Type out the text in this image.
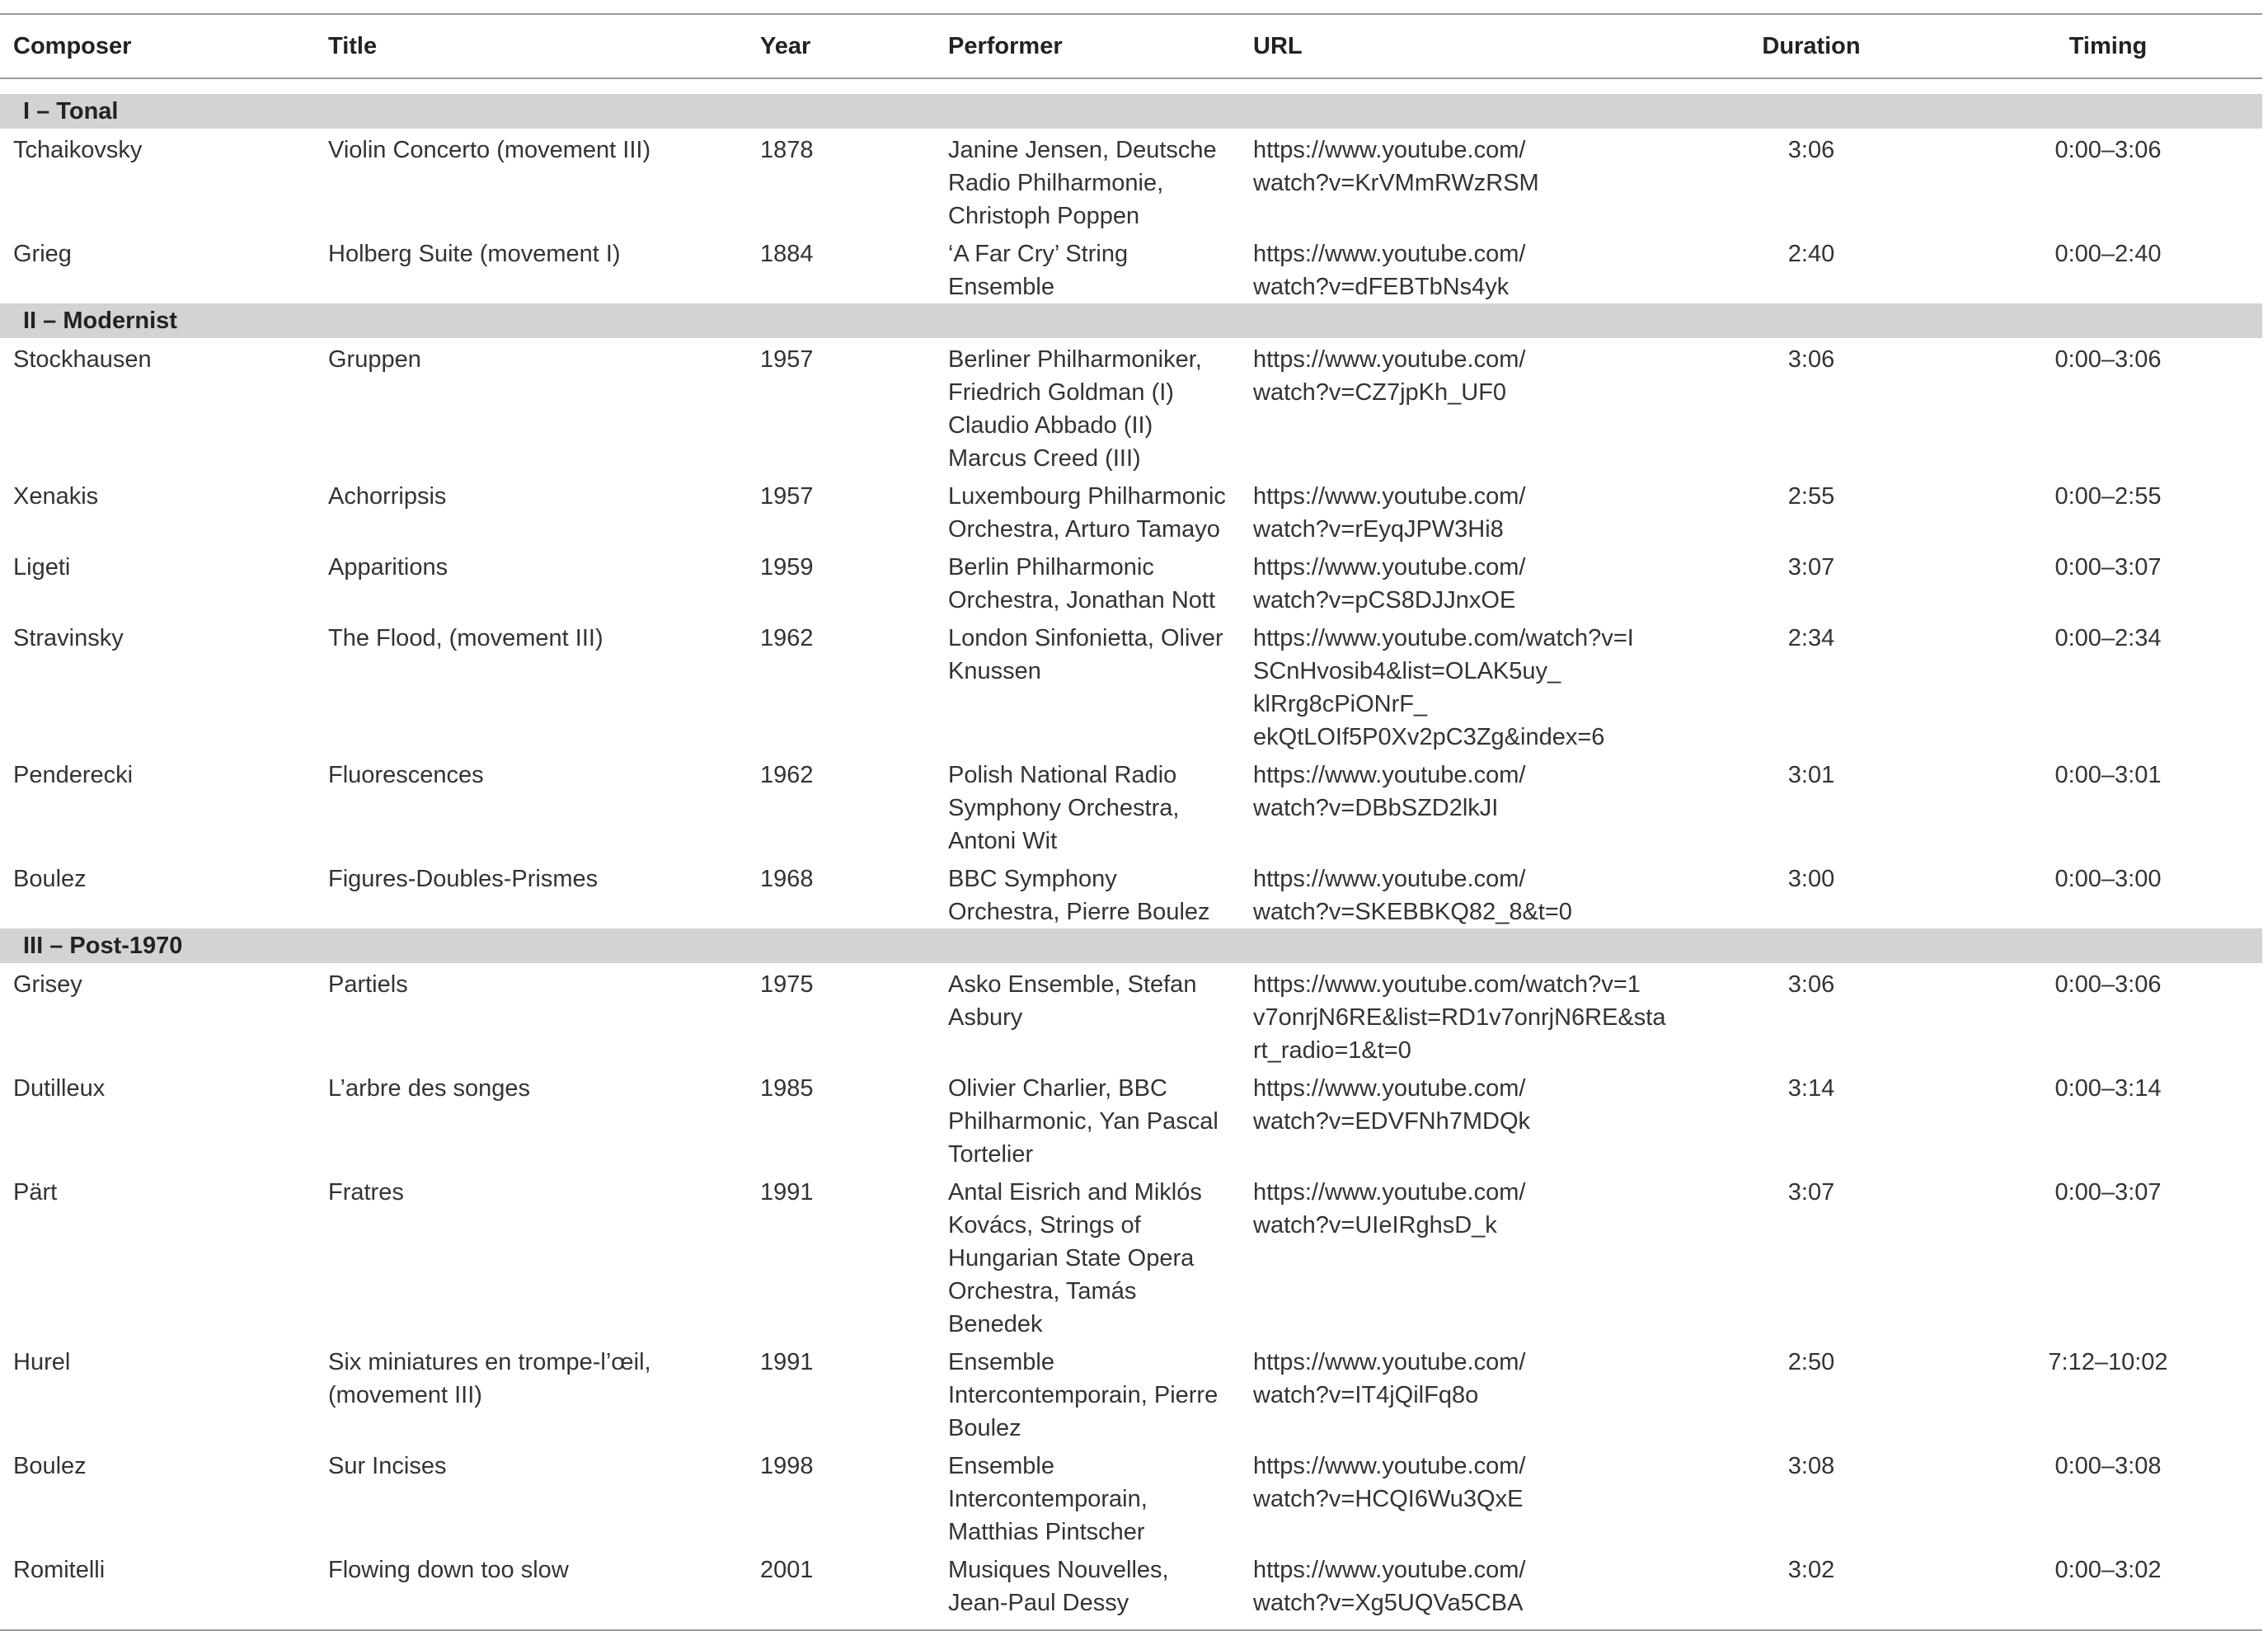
Composer	Title	Year	Performer	URL	Duration	Timing

I – Tonal						
Tchaikovsky	Violin Concerto (movement III)	1878	Janine Jensen, Deutsche Radio Philharmonie, Christoph Poppen	https://www.youtube.com/
watch?v=KrVMmRWzRSM	3:06	0:00–3:06
Grieg	Holberg Suite (movement I)	1884	‘A Far Cry’ String Ensemble	https://www.youtube.com/
watch?v=dFEBTbNs4yk	2:40	0:00–2:40
II – Modernist						
Stockhausen	Gruppen	1957	Berliner Philharmoniker, Friedrich Goldman (I) Claudio Abbado (II) Marcus Creed (III)	https://www.youtube.com/
watch?v=CZ7jpKh_UF0	3:06	0:00–3:06
Xenakis	Achorripsis	1957	Luxembourg Philharmonic Orchestra, Arturo Tamayo	https://www.youtube.com/
watch?v=rEyqJPW3Hi8	2:55	0:00–2:55
Ligeti	Apparitions	1959	Berlin Philharmonic Orchestra, Jonathan Nott	https://www.youtube.com/
watch?v=pCS8DJJnxOE	3:07	0:00–3:07
Stravinsky	The Flood, (movement III)	1962	London Sinfonietta, Oliver Knussen	https://www.youtube.com/watch?v=I
SCnHvosib4&list=OLAK5uy_
klRrg8cPiONrF_
ekQtLOIf5P0Xv2pC3Zg&index=6	2:34	0:00–2:34
Penderecki	Fluorescences	1962	Polish National Radio Symphony Orchestra, Antoni Wit	https://www.youtube.com/
watch?v=DBbSZD2lkJI	3:01	0:00–3:01
Boulez	Figures-Doubles-Prismes	1968	BBC Symphony Orchestra, Pierre Boulez	https://www.youtube.com/
watch?v=SKEBBKQ82_8&t=0	3:00	0:00–3:00
III – Post-1970						
Grisey	Partiels	1975	Asko Ensemble, Stefan Asbury	https://www.youtube.com/watch?v=1
v7onrjN6RE&list=RD1v7onrjN6RE&sta
rt_radio=1&t=0	3:06	0:00–3:06
Dutilleux	L’arbre des songes	1985	Olivier Charlier, BBC Philharmonic, Yan Pascal Tortelier	https://www.youtube.com/
watch?v=EDVFNh7MDQk	3:14	0:00–3:14
Pärt	Fratres	1991	Antal Eisrich and Miklós Kovács, Strings of Hungarian State Opera Orchestra, Tamás Benedek	https://www.youtube.com/
watch?v=UIeIRghsD_k	3:07	0:00–3:07
Hurel	Six miniatures en trompe-l’œil, (movement III)	1991	Ensemble Intercontemporain, Pierre Boulez	https://www.youtube.com/
watch?v=IT4jQilFq8o	2:50	7:12–10:02
Boulez	Sur Incises	1998	Ensemble Intercontemporain, Matthias Pintscher	https://www.youtube.com/
watch?v=HCQI6Wu3QxE	3:08	0:00–3:08
Romitelli	Flowing down too slow	2001	Musiques Nouvelles, Jean-Paul Dessy	https://www.youtube.com/
watch?v=Xg5UQVa5CBA	3:02	0:00–3:02
